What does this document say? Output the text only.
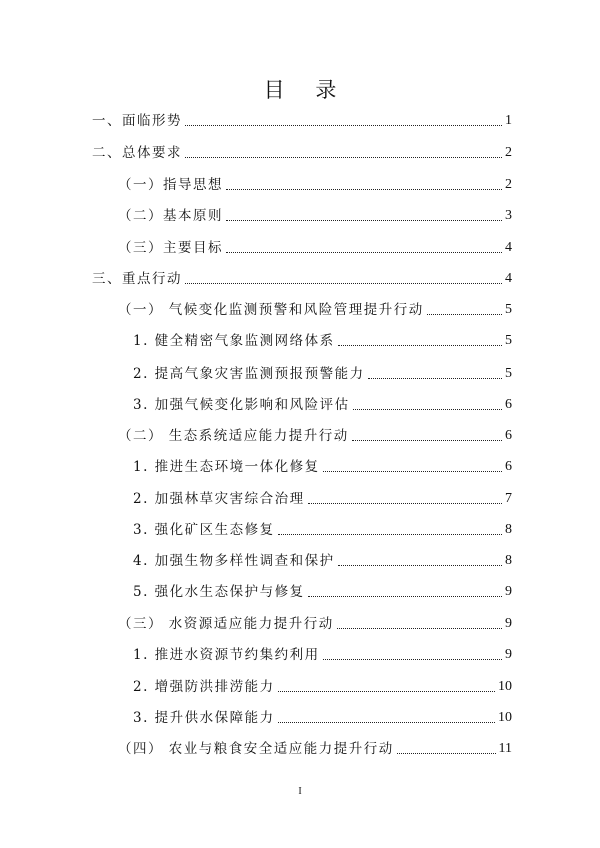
目 录
一、面临形势	1
二、总体要求	2
（一）指导思想	2
（二）基本原则	3
（三）主要目标	4
三、重点行动	4
（一） 气候变化监测预警和风险管理提升行动	5
1. 健全精密气象监测网络体系	5
2. 提高气象灾害监测预报预警能力	5
3. 加强气候变化影响和风险评估	6
（二） 生态系统适应能力提升行动	6
1. 推进生态环境一体化修复	6
2. 加强林草灾害综合治理	7
3. 强化矿区生态修复	8
4. 加强生物多样性调查和保护	8
5. 强化水生态保护与修复	9
（三） 水资源适应能力提升行动	9
1. 推进水资源节约集约利用	9
2. 增强防洪排涝能力	10
3. 提升供水保障能力	10
（四） 农业与粮食安全适应能力提升行动	11
I
